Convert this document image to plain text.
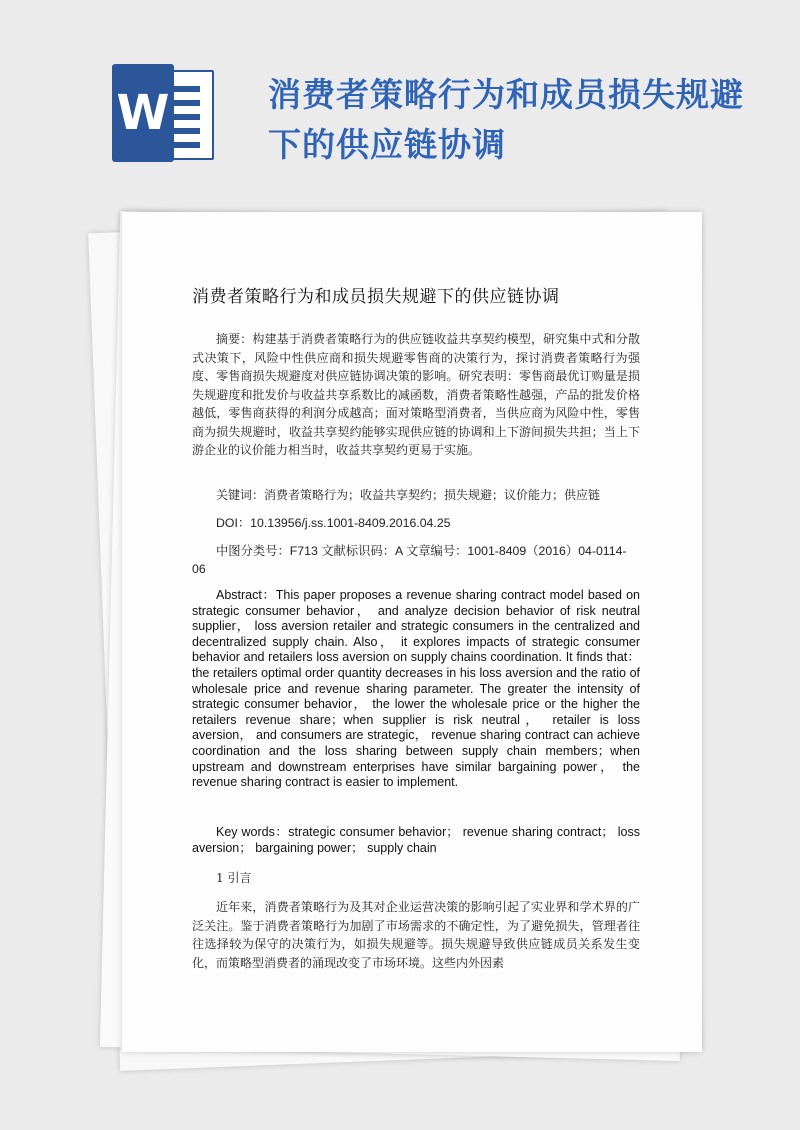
W	消费者策略行为和成员损失规避下的供应链协调
消费者策略行为和成员损失规避下的供应链协调

摘要：构建基于消费者策略行为的供应链收益共享契约模型，研究集中式和分散式决策下，风险中性供应商和损失规避零售商的决策行为，探讨消费者策略行为强度、零售商损失规避度对供应链协调决策的影响。研究表明：零售商最优订购量是损失规避度和批发价与收益共享系数比的减函数，消费者策略性越强，产品的批发价格越低，零售商获得的利润分成越高；面对策略型消费者，当供应商为风险中性，零售商为损失规避时，收益共享契约能够实现供应链的协调和上下游间损失共担；当上下游企业的议价能力相当时，收益共享契约更易于实施。

关键词：消费者策略行为；收益共享契约；损失规避；议价能力；供应链

DOI：10.13956/j.ss.1001-8409.2016.04.25

中图分类号：F713 文献标识码：A 文章编号：1001-8409（2016）04-0114-06

Abstract：This paper proposes a revenue sharing contract model based on strategic consumer behavior， and analyze decision behavior of risk neutral supplier， loss aversion retailer and strategic consumers in the centralized and decentralized supply chain. Also， it explores impacts of strategic consumer behavior and retailers loss aversion on supply chains coordination. It finds that： the retailers optimal order quantity decreases in his loss aversion and the ratio of wholesale price and revenue sharing parameter. The greater the intensity of strategic consumer behavior， the lower the wholesale price or the higher the retailers revenue share；when supplier is risk neutral， retailer is loss aversion， and consumers are strategic， revenue sharing contract can achieve coordination and the loss sharing between supply chain members；when upstream and downstream enterprises have similar bargaining power， the revenue sharing contract is easier to implement.

Key words：strategic consumer behavior； revenue sharing contract； loss aversion； bargaining power； supply chain

1 引言

近年来，消费者策略行为及其对企业运营决策的影响引起了实业界和学术界的广泛关注。鉴于消费者策略行为加剧了市场需求的不确定性，为了避免损失，管理者往往选择较为保守的决策行为，如损失规避等。损失规避导致供应链成员关系发生变化，而策略型消费者的涌现改变了市场环境。这些内外因素
